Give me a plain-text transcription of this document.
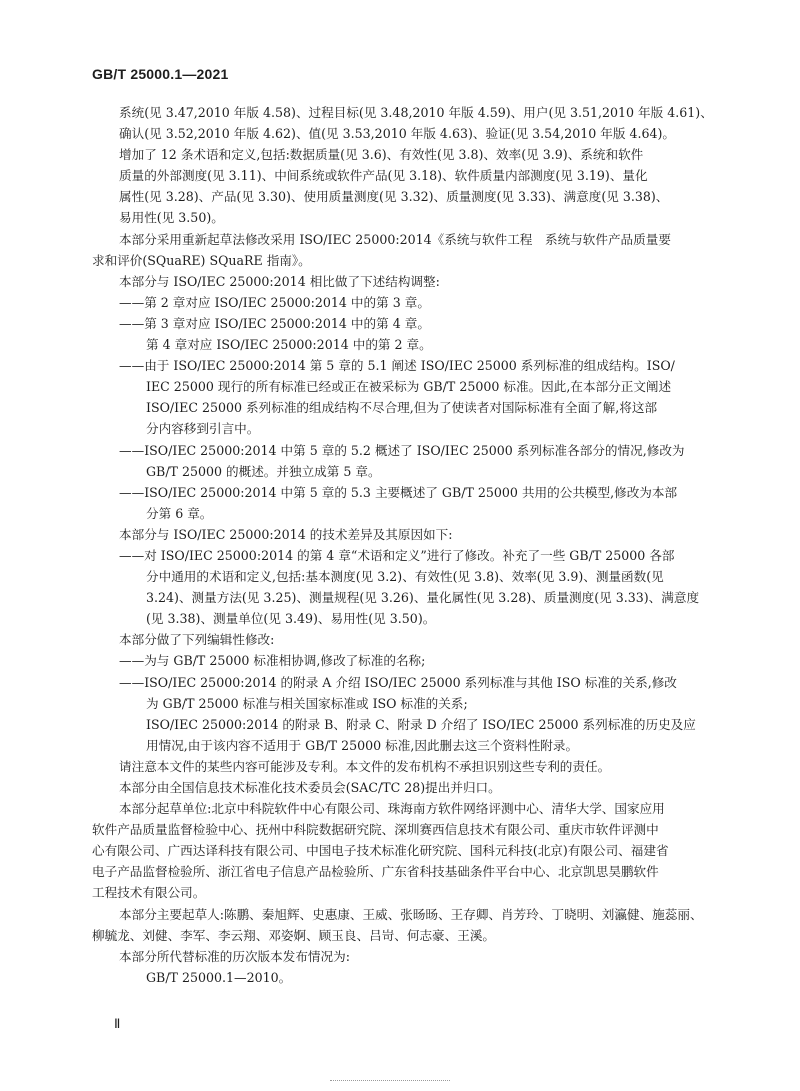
GB/T 25000.1—2021
系统(见 3.47,2010 年版 4.58)、过程目标(见 3.48,2010 年版 4.59)、用户(见 3.51,2010 年版 4.61)、
确认(见 3.52,2010 年版 4.62)、值(见 3.53,2010 年版 4.63)、验证(见 3.54,2010 年版 4.64)。
增加了 12 条术语和定义,包括:数据质量(见 3.6)、有效性(见 3.8)、效率(见 3.9)、系统和软件
质量的外部测度(见 3.11)、中间系统或软件产品(见 3.18)、软件质量内部测度(见 3.19)、量化
属性(见 3.28)、产品(见 3.30)、使用质量测度(见 3.32)、质量测度(见 3.33)、满意度(见 3.38)、
易用性(见 3.50)。
本部分采用重新起草法修改采用 ISO/IEC 25000:2014《系统与软件工程　系统与软件产品质量要
求和评价(SQuaRE) SQuaRE 指南》。
本部分与 ISO/IEC 25000:2014 相比做了下述结构调整:
——第 2 章对应 ISO/IEC 25000:2014 中的第 3 章。
——第 3 章对应 ISO/IEC 25000:2014 中的第 4 章。
第 4 章对应 ISO/IEC 25000:2014 中的第 2 章。
——由于 ISO/IEC 25000:2014 第 5 章的 5.1 阐述 ISO/IEC 25000 系列标准的组成结构。ISO/
IEC 25000 现行的所有标准已经或正在被采标为 GB/T 25000 标准。因此,在本部分正文阐述
ISO/IEC 25000 系列标准的组成结构不尽合理,但为了使读者对国际标准有全面了解,将这部
分内容移到引言中。
——ISO/IEC 25000:2014 中第 5 章的 5.2 概述了 ISO/IEC 25000 系列标准各部分的情况,修改为
GB/T 25000 的概述。并独立成第 5 章。
——ISO/IEC 25000:2014 中第 5 章的 5.3 主要概述了 GB/T 25000 共用的公共模型,修改为本部
分第 6 章。
本部分与 ISO/IEC 25000:2014 的技术差异及其原因如下:
——对 ISO/IEC 25000:2014 的第 4 章“术语和定义”进行了修改。补充了一些 GB/T 25000 各部
分中通用的术语和定义,包括:基本测度(见 3.2)、有效性(见 3.8)、效率(见 3.9)、测量函数(见
3.24)、测量方法(见 3.25)、测量规程(见 3.26)、量化属性(见 3.28)、质量测度(见 3.33)、满意度
(见 3.38)、测量单位(见 3.49)、易用性(见 3.50)。
本部分做了下列编辑性修改:
——为与 GB/T 25000 标准相协调,修改了标准的名称;
——ISO/IEC 25000:2014 的附录 A 介绍 ISO/IEC 25000 系列标准与其他 ISO 标准的关系,修改
为 GB/T 25000 标准与相关国家标准或 ISO 标准的关系;
ISO/IEC 25000:2014 的附录 B、附录 C、附录 D 介绍了 ISO/IEC 25000 系列标准的历史及应
用情况,由于该内容不适用于 GB/T 25000 标准,因此删去这三个资料性附录。
请注意本文件的某些内容可能涉及专利。本文件的发布机构不承担识别这些专利的责任。
本部分由全国信息技术标准化技术委员会(SAC/TC 28)提出并归口。
本部分起草单位:北京中科院软件中心有限公司、珠海南方软件网络评测中心、清华大学、国家应用
软件产品质量监督检验中心、抚州中科院数据研究院、深圳赛西信息技术有限公司、重庆市软件评测中
心有限公司、广西达译科技有限公司、中国电子技术标准化研究院、国科元科技(北京)有限公司、福建省
电子产品监督检验所、浙江省电子信息产品检验所、广东省科技基础条件平台中心、北京凯思昊鹏软件
工程技术有限公司。
本部分主要起草人:陈鹏、秦旭辉、史惠康、王威、张旸旸、王存卿、肖芳玲、丁晓明、刘瀛健、施蕊丽、
柳毓龙、刘健、李军、李云翔、邓姿婀、顾玉良、吕岢、何志豪、王溪。
本部分所代替标准的历次版本发布情况为:
GB/T 25000.1—2010。
Ⅱ
